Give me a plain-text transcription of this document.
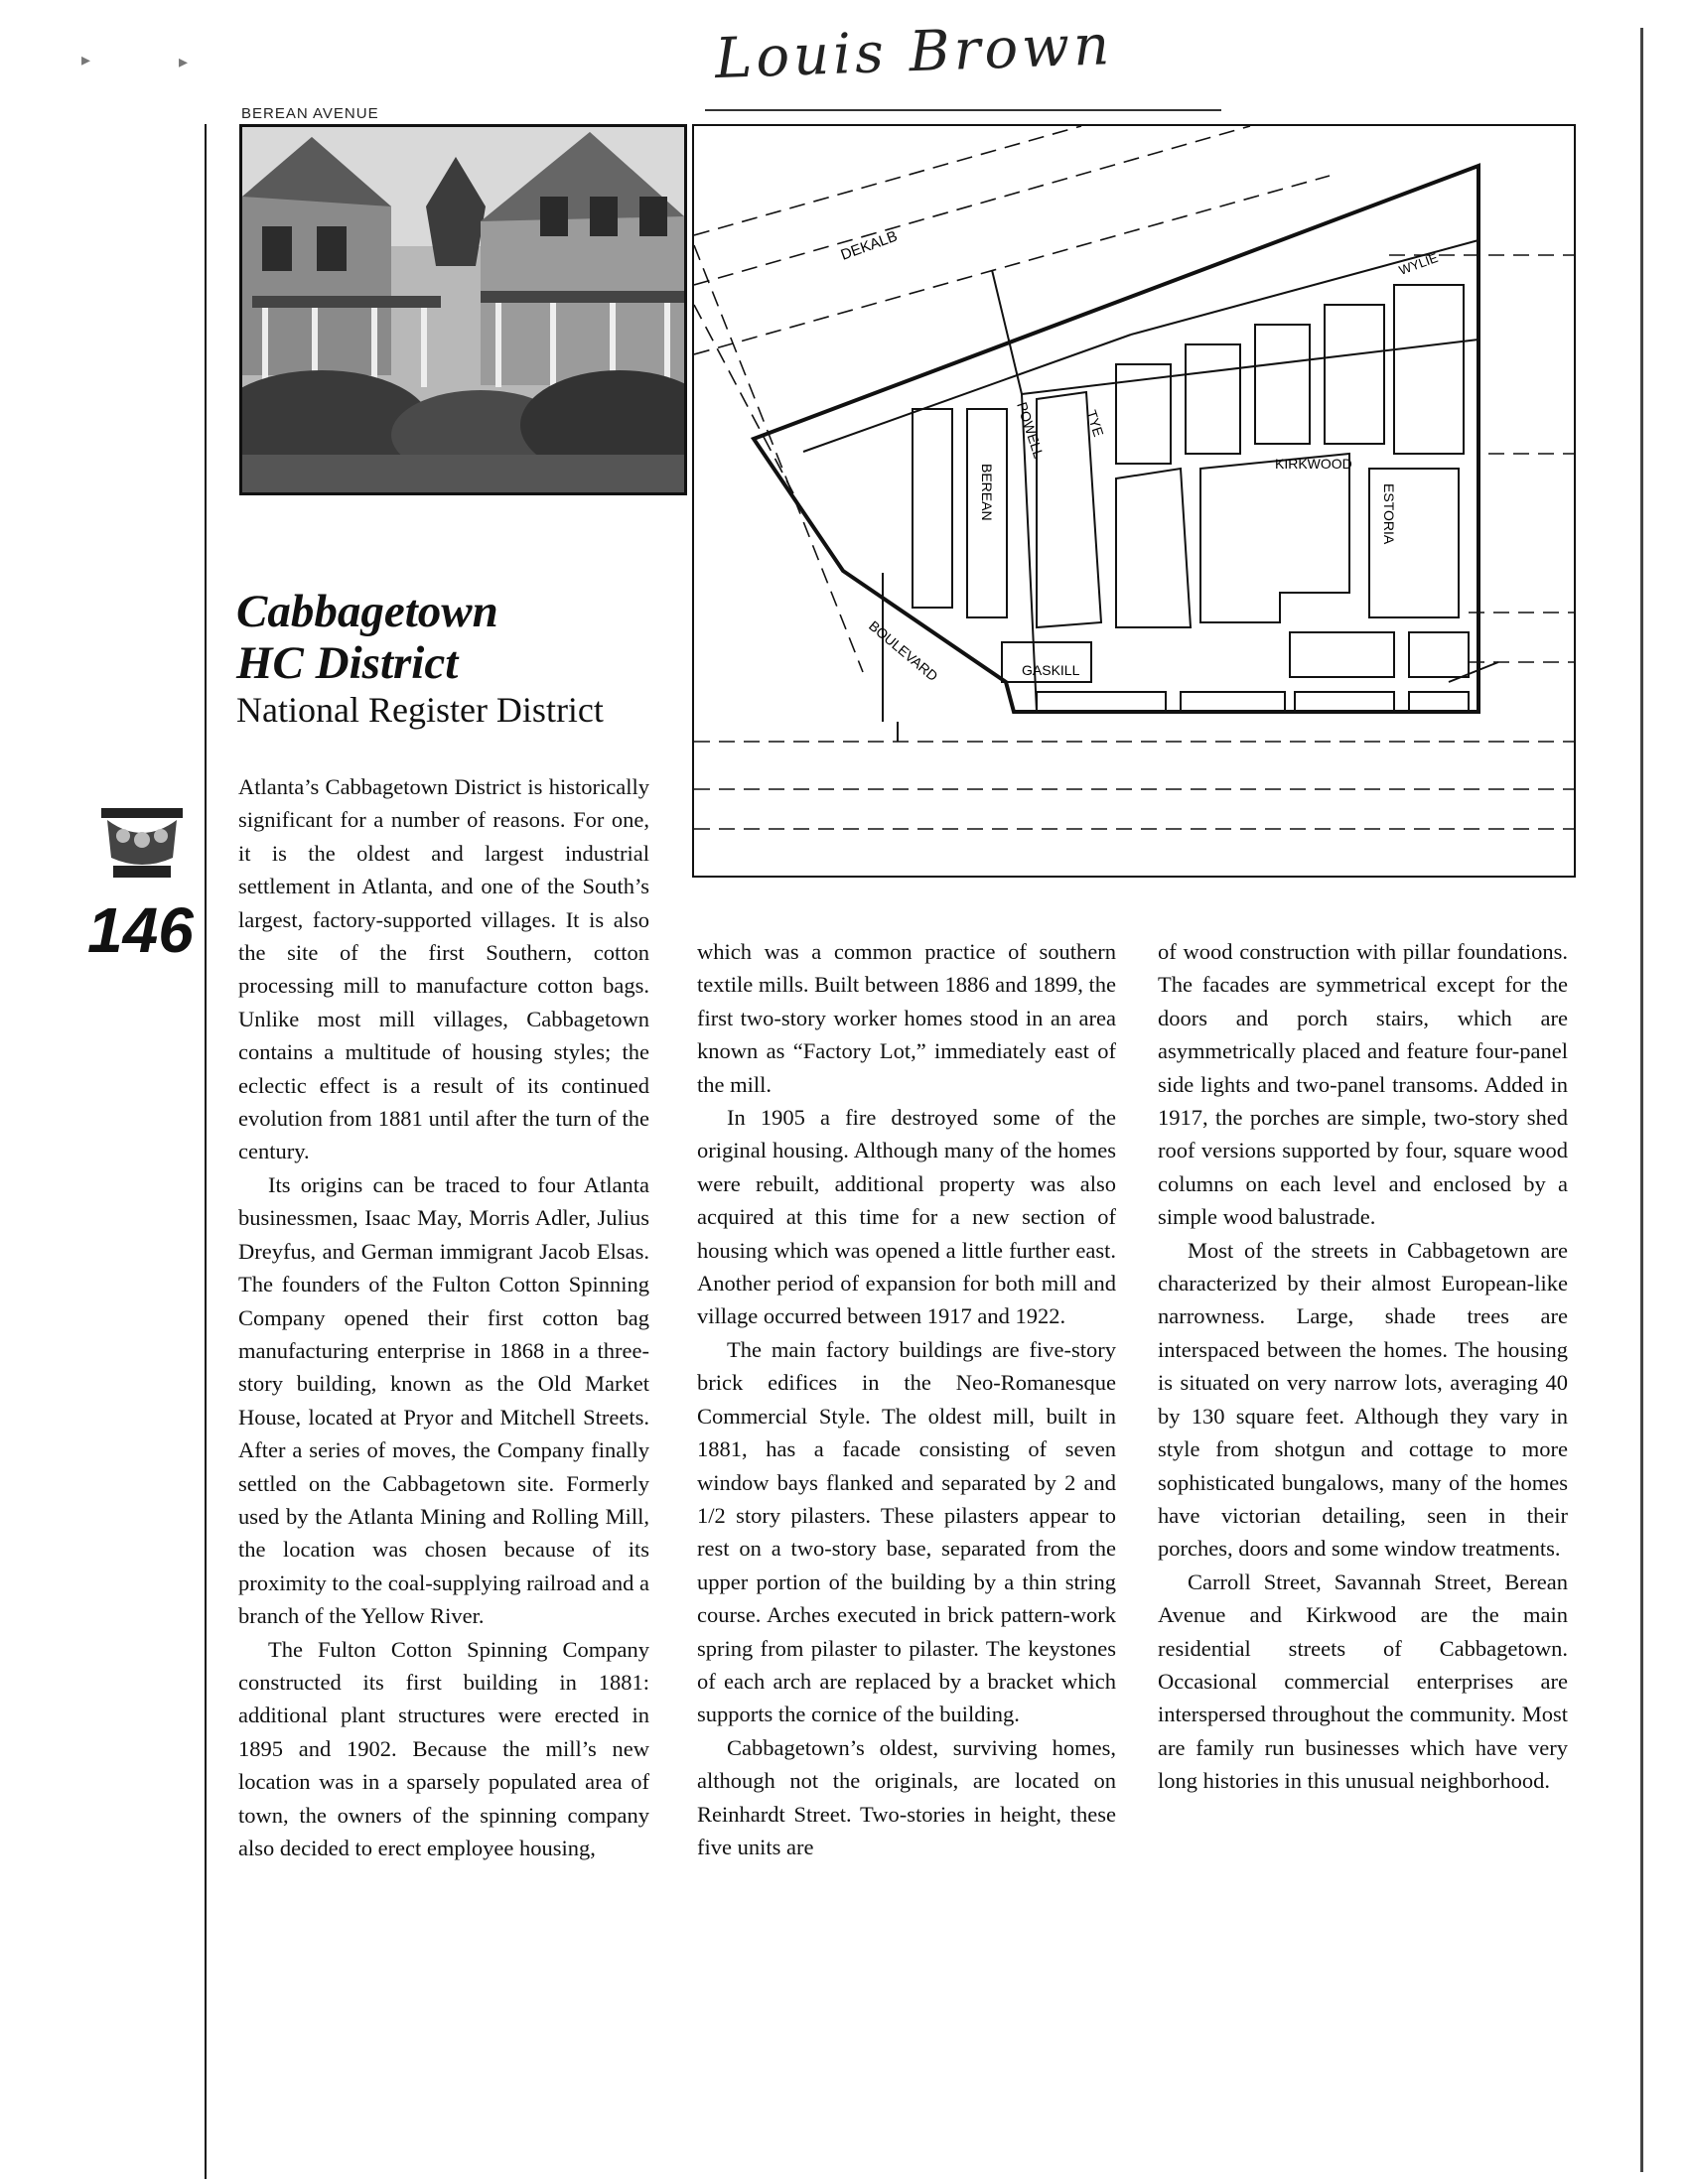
▸	▸	Louis Brown
BEREAN AVENUE
DEKALB
WYLIE
POWELL	TYE
BEREAN	KIRKWOOD
ESTORIA
BOULEVARD	GASKILL
Cabbagetown
HC District
National Register District
146

Atlanta’s Cabbagetown District is historically significant for a number of reasons. For one, it is the oldest and largest industrial settlement in Atlanta, and one of the South’s largest, factory-supported villages. It is also the site of the first Southern, cotton processing mill to manufacture cotton bags. Unlike most mill villages, Cabbagetown contains a multitude of housing styles; the eclectic effect is a result of its continued evolution from 1881 until after the turn of the century.

Its origins can be traced to four Atlanta businessmen, Isaac May, Morris Adler, Julius Dreyfus, and German immigrant Jacob Elsas. The founders of the Fulton Cotton Spinning Company opened their first cotton bag manufacturing enterprise in 1868 in a three-story building, known as the Old Market House, located at Pryor and Mitchell Streets. After a series of moves, the Company finally settled on the Cabbagetown site. Formerly used by the Atlanta Mining and Rolling Mill, the location was chosen because of its proximity to the coal-supplying railroad and a branch of the Yellow River.

The Fulton Cotton Spinning Company constructed its first building in 1881: additional plant structures were erected in 1895 and 1902. Because the mill’s new location was in a sparsely populated area of town, the owners of the spinning company also decided to erect employee housing,

which was a common practice of southern textile mills. Built between 1886 and 1899, the first two-story worker homes stood in an area known as “Factory Lot,” immediately east of the mill.

In 1905 a fire destroyed some of the original housing. Although many of the homes were rebuilt, additional property was also acquired at this time for a new section of housing which was opened a little further east. Another period of expansion for both mill and village occurred between 1917 and 1922.

The main factory buildings are five-story brick edifices in the Neo-Romanesque Commercial Style. The oldest mill, built in 1881, has a facade consisting of seven window bays flanked and separated by 2 and 1/2 story pilasters. These pilasters appear to rest on a two-story base, separated from the upper portion of the building by a thin string course. Arches executed in brick pattern-work spring from pilaster to pilaster. The keystones of each arch are replaced by a bracket which supports the cornice of the building.

Cabbagetown’s oldest, surviving homes, although not the originals, are located on Reinhardt Street. Two-stories in height, these five units are

of wood construction with pillar foundations. The facades are symmetrical except for the doors and porch stairs, which are asymmetrically placed and feature four-panel side lights and two-panel transoms. Added in 1917, the porches are simple, two-story shed roof versions supported by four, square wood columns on each level and enclosed by a simple wood balustrade.

Most of the streets in Cabbagetown are characterized by their almost European-like narrowness. Large, shade trees are interspaced between the homes. The housing is situated on very narrow lots, averaging 40 by 130 square feet. Although they vary in style from shotgun and cottage to more sophisticated bungalows, many of the homes have victorian detailing, seen in their porches, doors and some window treatments.

Carroll Street, Savannah Street, Berean Avenue and Kirkwood are the main residential streets of Cabbagetown. Occasional commercial enterprises are interspersed throughout the community. Most are family run businesses which have very long histories in this unusual neighborhood.
